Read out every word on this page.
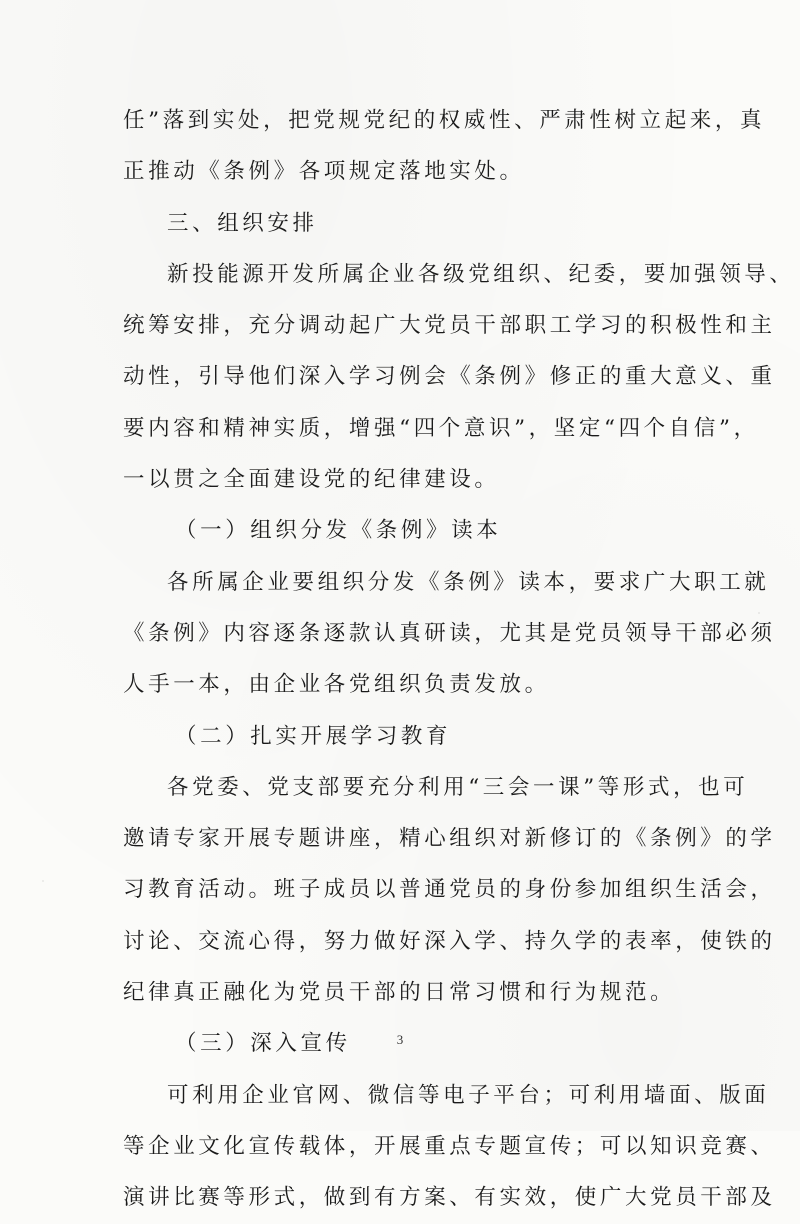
任”落到实处，把党规党纪的权威性、严肃性树立起来，真
正推动《条例》各项规定落地实处。
三、组织安排
新投能源开发所属企业各级党组织、纪委，要加强领导、
统筹安排，充分调动起广大党员干部职工学习的积极性和主
动性，引导他们深入学习例会《条例》修正的重大意义、重
要内容和精神实质，增强“四个意识”，坚定“四个自信”，
一以贯之全面建设党的纪律建设。
（一）组织分发《条例》读本
各所属企业要组织分发《条例》读本，要求广大职工就
《条例》内容逐条逐款认真研读，尤其是党员领导干部必须
人手一本，由企业各党组织负责发放。
（二）扎实开展学习教育
各党委、党支部要充分利用“三会一课”等形式，也可
邀请专家开展专题讲座，精心组织对新修订的《条例》的学
习教育活动。班子成员以普通党员的身份参加组织生活会，
讨论、交流心得，努力做好深入学、持久学的表率，使铁的
纪律真正融化为党员干部的日常习惯和行为规范。
（三）深入宣传
可利用企业官网、微信等电子平台；可利用墙面、版面
等企业文化宣传载体，开展重点专题宣传；可以知识竞赛、
演讲比赛等形式，做到有方案、有实效，使广大党员干部及
3
